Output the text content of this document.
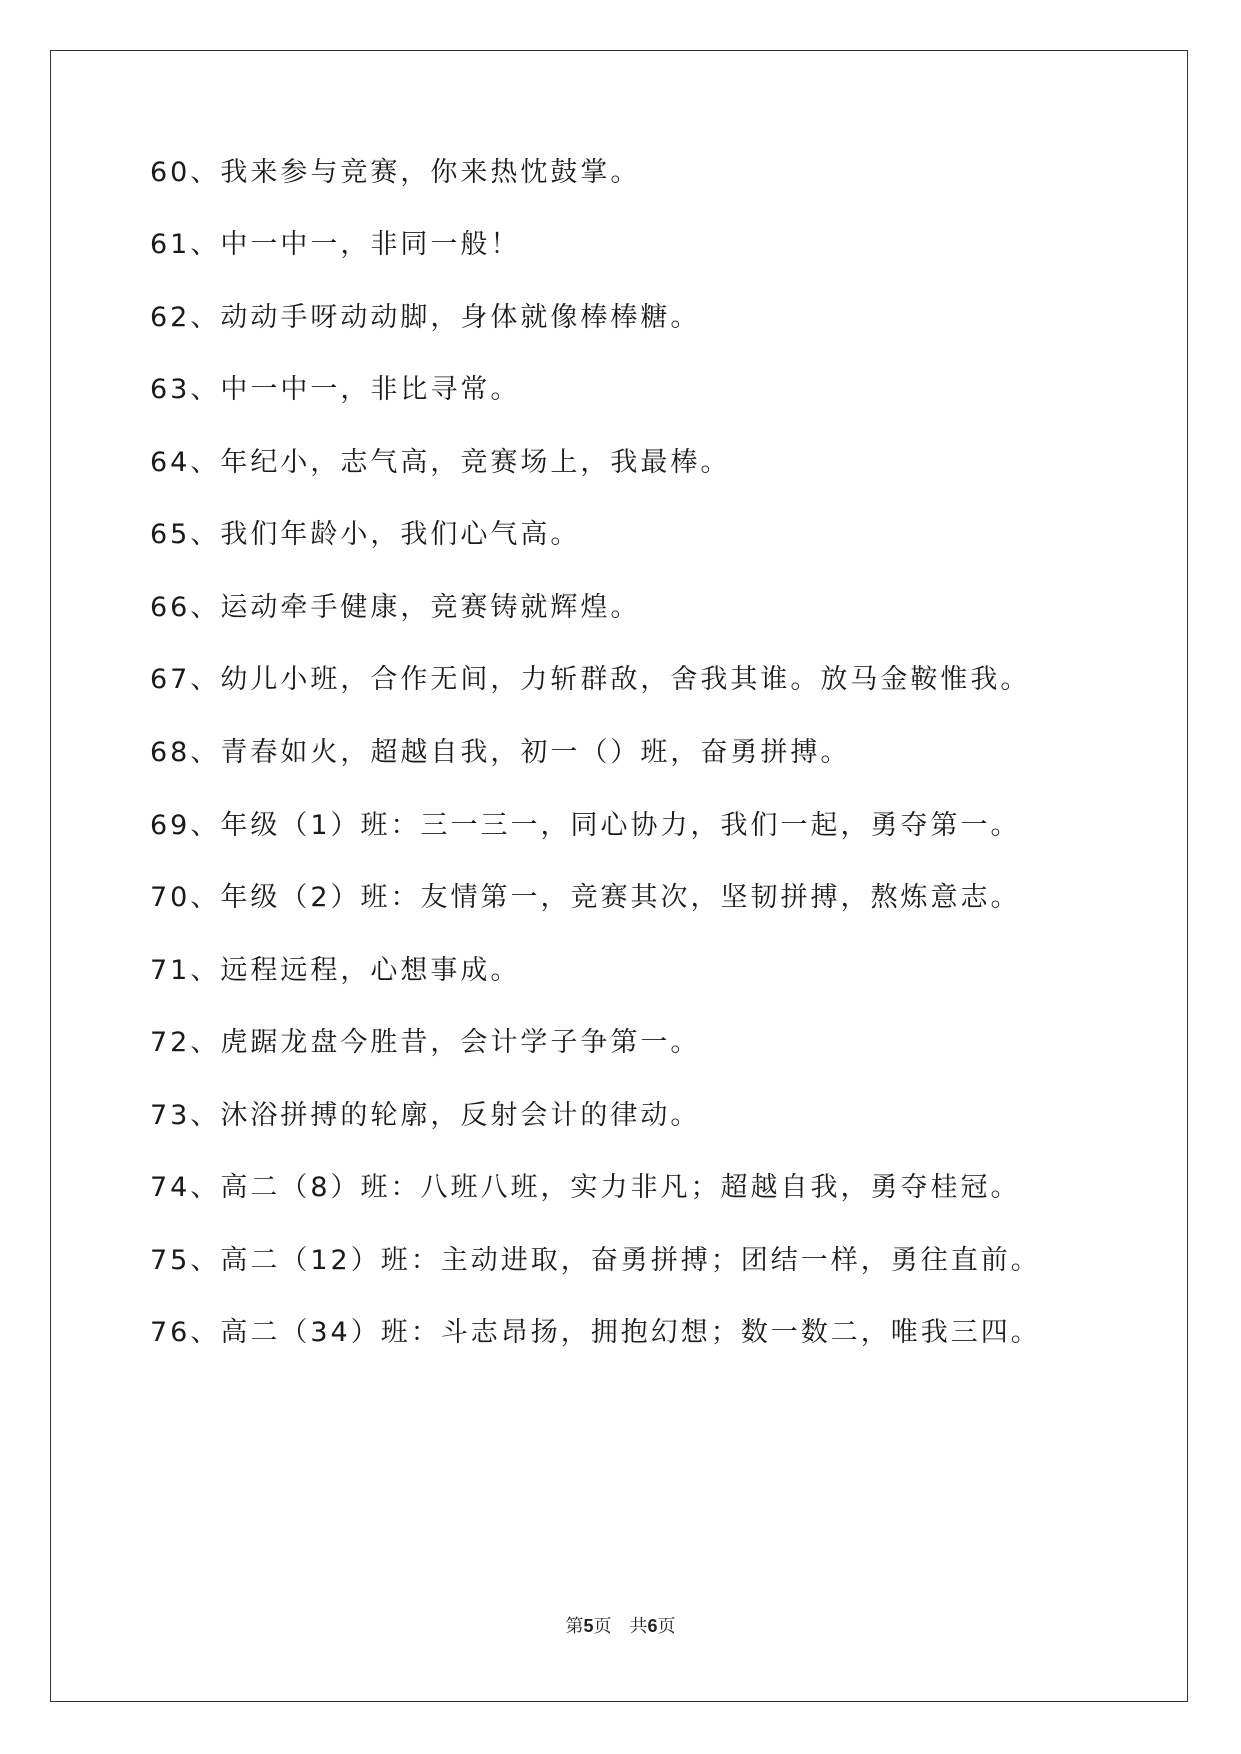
60、我来参与竞赛，你来热忱鼓掌。
61、中一中一，非同一般！
62、动动手呀动动脚，身体就像棒棒糖。
63、中一中一，非比寻常。
64、年纪小，志气高，竞赛场上，我最棒。
65、我们年龄小，我们心气高。
66、运动牵手健康，竞赛铸就辉煌。
67、幼儿小班，合作无间，力斩群敌，舍我其谁。放马金鞍惟我。
68、青春如火，超越自我，初一（）班，奋勇拼搏。
69、年级（1）班：三一三一，同心协力，我们一起，勇夺第一。
70、年级（2）班：友情第一，竞赛其次，坚韧拼搏，熬炼意志。
71、远程远程，心想事成。
72、虎踞龙盘今胜昔，会计学子争第一。
73、沐浴拼搏的轮廓，反射会计的律动。
74、高二（8）班：八班八班，实力非凡；超越自我，勇夺桂冠。
75、高二（12）班：主动进取，奋勇拼搏；团结一样，勇往直前。
76、高二（34）班：斗志昂扬，拥抱幻想；数一数二，唯我三四。
第5页 共6页
